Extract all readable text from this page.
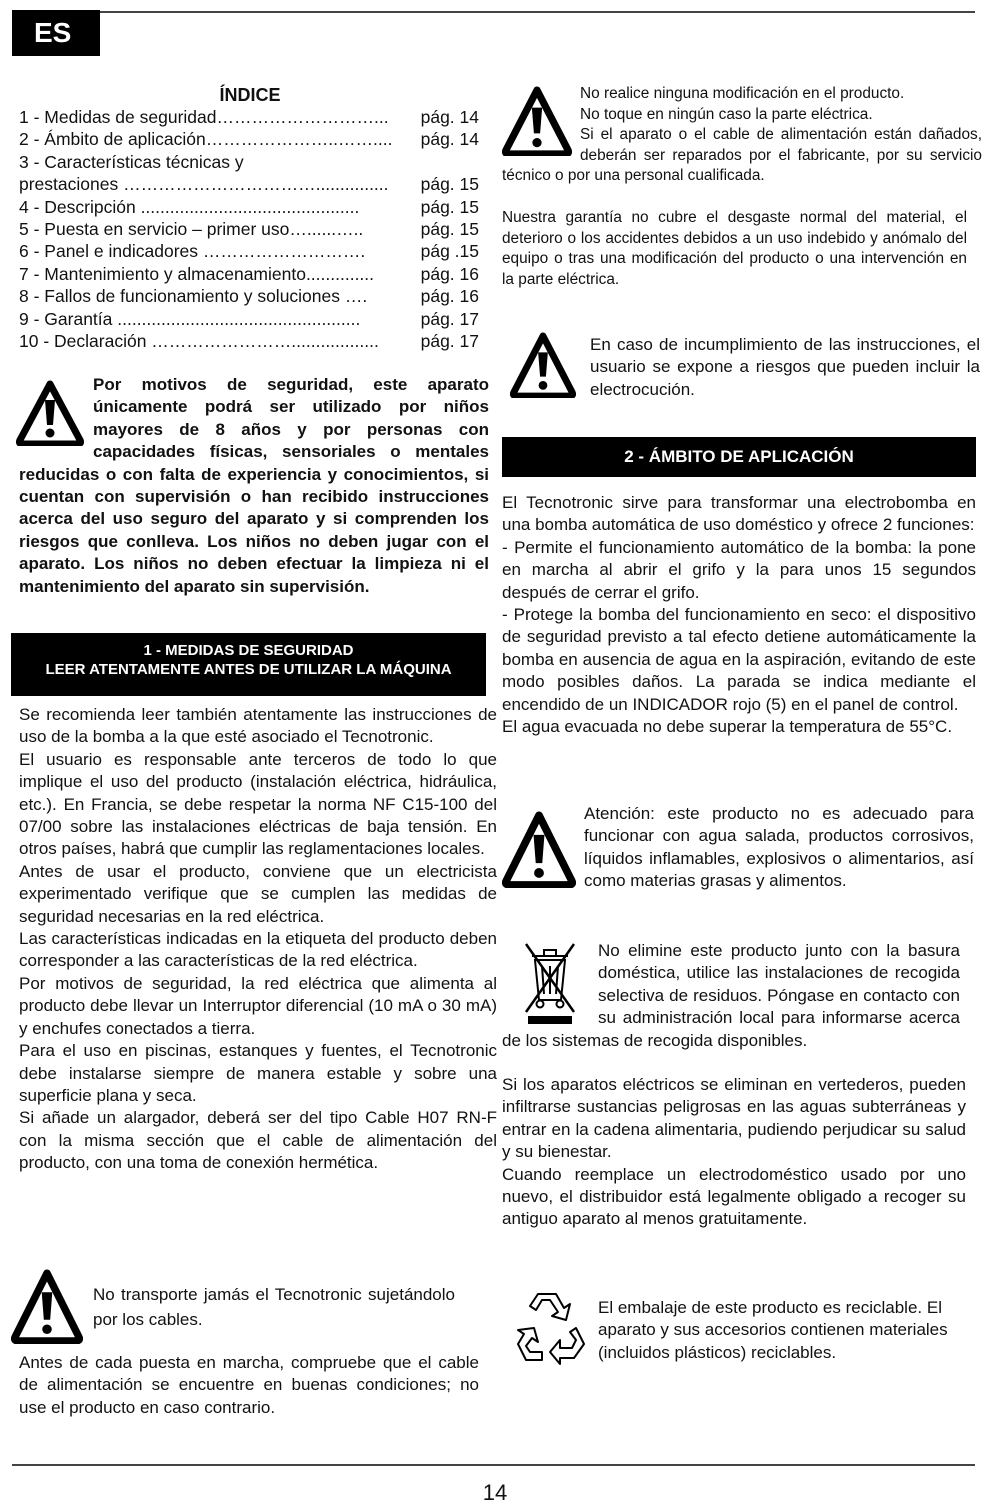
ES
ÍNDICE
1 - Medidas de seguridad………………………... pág. 14
2 - Ámbito de aplicación…………………..…….... pág. 14
3 - Características técnicas y
prestaciones ……………………………............... pág. 15
4 - Descripción .............................................	pág. 15
5 - Puesta en servicio – primer uso…......…..	pág. 15
6 - Panel e indicadores ……………………….	pág .15
7 - Mantenimiento y almacenamiento..............	pág. 16
8 - Fallos de funcionamiento y soluciones ….	pág. 16
9 - Garantía ..................................................	pág. 17
10 - Declaración …………………….................. pág. 17

Por motivos de seguridad, este aparato únicamente podrá ser utilizado por niños mayores de 8 años y por personas con capacidades físicas, sensoriales o mentales reducidas o con falta de experiencia y conocimientos, si cuentan con supervisión o han recibido instrucciones acerca del uso seguro del aparato y si comprenden los riesgos que conlleva. Los niños no deben jugar con el aparato. Los niños no deben efectuar la limpieza ni el mantenimiento del aparato sin supervisión.

1 - MEDIDAS DE SEGURIDAD
LEER ATENTAMENTE ANTES DE UTILIZAR LA MÁQUINA

Se recomienda leer también atentamente las instrucciones de uso de la bomba a la que esté asociado el Tecnotronic.

El usuario es responsable ante terceros de todo lo que implique el uso del producto (instalación eléctrica, hidráulica, etc.). En Francia, se debe respetar la norma NF C15-100 del 07/00 sobre las instalaciones eléctricas de baja tensión. En otros países, habrá que cumplir las reglamentaciones locales.

Antes de usar el producto, conviene que un electricista experimentado verifique que se cumplen las medidas de seguridad necesarias en la red eléctrica.

Las características indicadas en la etiqueta del producto deben corresponder a las características de la red eléctrica.

Por motivos de seguridad, la red eléctrica que alimenta al producto debe llevar un Interruptor diferencial (10 mA o 30 mA) y enchufes conectados a tierra.

Para el uso en piscinas, estanques y fuentes, el Tecnotronic debe instalarse siempre de manera estable y sobre una superficie plana y seca.

Si añade un alargador, deberá ser del tipo Cable H07 RN-F con la misma sección que el cable de alimentación del producto, con una toma de conexión hermética.

No transporte jamás el Tecnotronic sujetándolo por los cables.
Antes de cada puesta en marcha, compruebe que el cable de alimentación se encuentre en buenas condiciones; no use el producto en caso contrario.

No realice ninguna modificación en el producto.

No toque en ningún caso la parte eléctrica.

Si el aparato o el cable de alimentación están dañados, deberán ser reparados por el fabricante, por su servicio técnico o por una personal cualificada.

Nuestra garantía no cubre el desgaste normal del material, el deterioro o los accidentes debidos a un uso indebido y anómalo del equipo o tras una modificación del producto o una intervención en la parte eléctrica.
En caso de incumplimiento de las instrucciones, el usuario se expone a riesgos que pueden incluir la electrocución.
2 - ÁMBITO DE APLICACIÓN

El Tecnotronic sirve para transformar una electrobomba en una bomba automática de uso doméstico y ofrece 2 funciones:

- Permite el funcionamiento automático de la bomba: la pone en marcha al abrir el grifo y la para unos 15 segundos después de cerrar el grifo.

- Protege la bomba del funcionamiento en seco: el dispositivo de seguridad previsto a tal efecto detiene automáticamente la bomba en ausencia de agua en la aspiración, evitando de este modo posibles daños. La parada se indica mediante el encendido de un INDICADOR rojo (5) en el panel de control.

El agua evacuada no debe superar la temperatura de 55°C.

Atención: este producto no es adecuado para funcionar con agua salada, productos corrosivos, líquidos inflamables, explosivos o alimentarios, así como materias grasas y alimentos.

No elimine este producto junto con la basura doméstica, utilice las instalaciones de recogida selectiva de residuos. Póngase en contacto con su administración local para informarse acerca de los sistemas de recogida disponibles.

Si los aparatos eléctricos se eliminan en vertederos, pueden infiltrarse sustancias peligrosas en las aguas subterráneas y entrar en la cadena alimentaria, pudiendo perjudicar su salud y su bienestar.

Cuando reemplace un electrodoméstico usado por uno nuevo, el distribuidor está legalmente obligado a recoger su antiguo aparato al menos gratuitamente.

El embalaje de este producto es reciclable. El aparato y sus accesorios contienen materiales (incluidos plásticos) reciclables.
14
